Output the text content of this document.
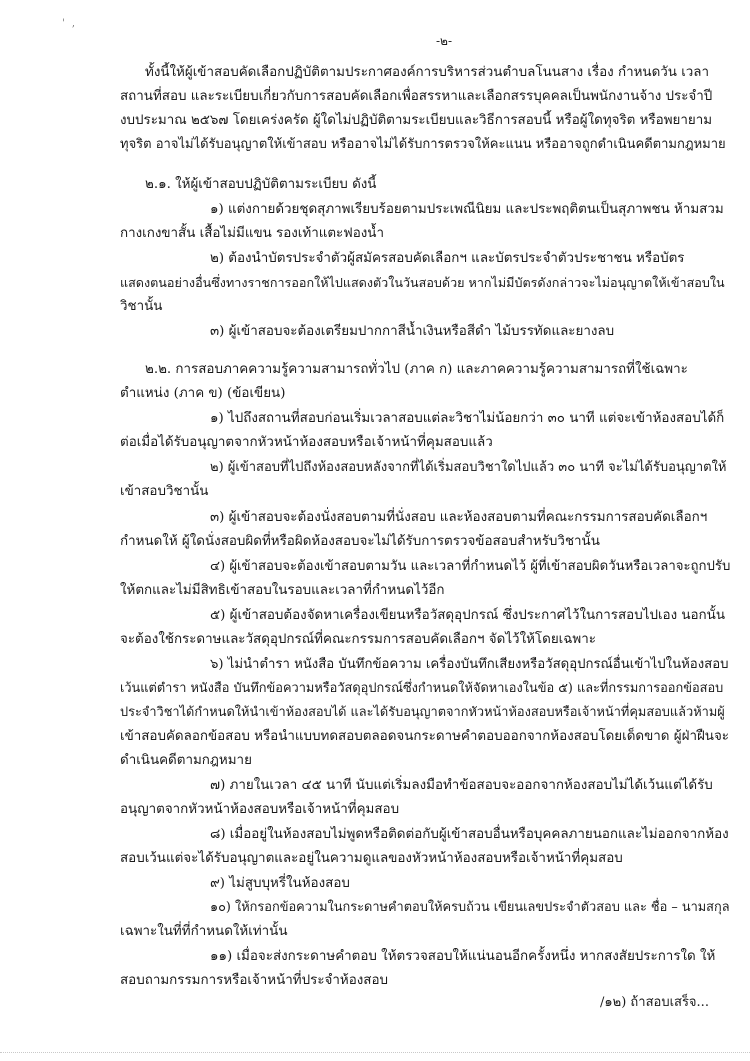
' ,
-๒-
ทั้งนี้ให้ผู้เข้าสอบคัดเลือกปฏิบัติตามประกาศองค์การบริหารส่วนตำบลโนนสาง เรื่อง กำหนดวัน เวลา
สถานที่สอบ และระเบียบเกี่ยวกับการสอบคัดเลือกเพื่อสรรหาและเลือกสรรบุคคลเป็นพนักงานจ้าง ประจำปี
งบประมาณ ๒๕๖๗ โดยเคร่งครัด ผู้ใดไม่ปฏิบัติตามระเบียบและวิธีการสอบนี้ หรือผู้ใดทุจริต หรือพยายาม
ทุจริต อาจไม่ได้รับอนุญาตให้เข้าสอบ หรืออาจไม่ได้รับการตรวจให้คะแนน หรืออาจถูกดำเนินคดีตามกฎหมาย
๒.๑. ให้ผู้เข้าสอบปฏิบัติตามระเบียบ ดังนี้
๑) แต่งกายด้วยชุดสุภาพเรียบร้อยตามประเพณีนิยม และประพฤติตนเป็นสุภาพชน ห้ามสวม
กางเกงขาสั้น เสื้อไม่มีแขน รองเท้าแตะฟองน้ำ
๒) ต้องนำบัตรประจำตัวผู้สมัครสอบคัดเลือกฯ และบัตรประจำตัวประชาชน หรือบัตร
แสดงตนอย่างอื่นซึ่งทางราชการออกให้ไปแสดงตัวในวันสอบด้วย หากไม่มีบัตรดังกล่าวจะไม่อนุญาตให้เข้าสอบใน
วิชานั้น
๓) ผู้เข้าสอบจะต้องเตรียมปากกาสีน้ำเงินหรือสีดำ ไม้บรรทัดและยางลบ
๒.๒. การสอบภาคความรู้ความสามารถทั่วไป (ภาค ก) และภาคความรู้ความสามารถที่ใช้เฉพาะ
ตำแหน่ง (ภาค ข) (ข้อเขียน)
๑) ไปถึงสถานที่สอบก่อนเริ่มเวลาสอบแต่ละวิชาไม่น้อยกว่า ๓๐ นาที แต่จะเข้าห้องสอบได้ก็
ต่อเมื่อได้รับอนุญาตจากหัวหน้าห้องสอบหรือเจ้าหน้าที่คุมสอบแล้ว
๒) ผู้เข้าสอบที่ไปถึงห้องสอบหลังจากที่ได้เริ่มสอบวิชาใดไปแล้ว ๓๐ นาที จะไม่ได้รับอนุญาตให้
เข้าสอบวิชานั้น
๓) ผู้เข้าสอบจะต้องนั่งสอบตามที่นั่งสอบ และห้องสอบตามที่คณะกรรมการสอบคัดเลือกฯ
กำหนดให้ ผู้ใดนั่งสอบผิดที่หรือผิดห้องสอบจะไม่ได้รับการตรวจข้อสอบสำหรับวิชานั้น
๔) ผู้เข้าสอบจะต้องเข้าสอบตามวัน และเวลาที่กำหนดไว้ ผู้ที่เข้าสอบผิดวันหรือเวลาจะถูกปรับ
ให้ตกและไม่มีสิทธิเข้าสอบในรอบและเวลาที่กำหนดไว้อีก
๕) ผู้เข้าสอบต้องจัดหาเครื่องเขียนหรือวัสดุอุปกรณ์ ซึ่งประกาศไว้ในการสอบไปเอง นอกนั้น
จะต้องใช้กระดาษและวัสดุอุปกรณ์ที่คณะกรรมการสอบคัดเลือกฯ จัดไว้ให้โดยเฉพาะ
๖) ไม่นำตำรา หนังสือ บันทึกข้อความ เครื่องบันทึกเสียงหรือวัสดุอุปกรณ์อื่นเข้าไปในห้องสอบ
เว้นแต่ตำรา หนังสือ บันทึกข้อความหรือวัสดุอุปกรณ์ซึ่งกำหนดให้จัดหาเองในข้อ ๕) และที่กรรมการออกข้อสอบ
ประจำวิชาได้กำหนดให้นำเข้าห้องสอบได้ และได้รับอนุญาตจากหัวหน้าห้องสอบหรือเจ้าหน้าที่คุมสอบแล้วห้ามผู้
เข้าสอบคัดลอกข้อสอบ หรือนำแบบทดสอบตลอดจนกระดาษคำตอบออกจากห้องสอบโดยเด็ดขาด ผู้ฝ่าฝืนจะ
ดำเนินคดีตามกฎหมาย
๗) ภายในเวลา ๔๕ นาที นับแต่เริ่มลงมือทำข้อสอบจะออกจากห้องสอบไม่ได้เว้นแต่ได้รับ
อนุญาตจากหัวหน้าห้องสอบหรือเจ้าหน้าที่คุมสอบ
๘) เมื่ออยู่ในห้องสอบไม่พูดหรือติดต่อกับผู้เข้าสอบอื่นหรือบุคคลภายนอกและไม่ออกจากห้อง
สอบเว้นแต่จะได้รับอนุญาตและอยู่ในความดูแลของหัวหน้าห้องสอบหรือเจ้าหน้าที่คุมสอบ
๙) ไม่สูบบุหรี่ในห้องสอบ
๑๐) ให้กรอกข้อความในกระดาษคำตอบให้ครบถ้วน เขียนเลขประจำตัวสอบ และ ชื่อ – นามสกุล
เฉพาะในที่ที่กำหนดให้เท่านั้น
๑๑) เมื่อจะส่งกระดาษคำตอบ ให้ตรวจสอบให้แน่นอนอีกครั้งหนึ่ง หากสงสัยประการใด ให้
สอบถามกรรมการหรือเจ้าหน้าที่ประจำห้องสอบ
/๑๒) ถ้าสอบเสร็จ...
